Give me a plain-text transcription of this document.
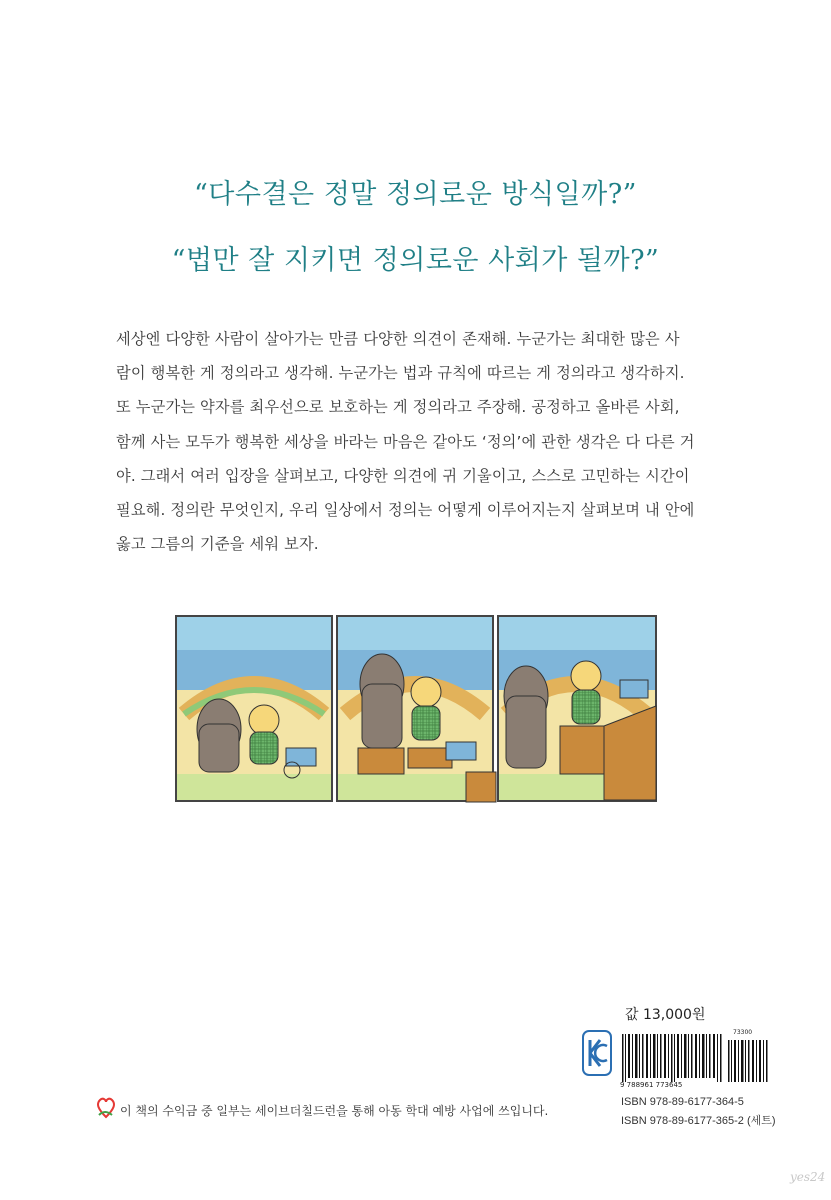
“다수결은 정말 정의로운 방식일까?”
“법만 잘 지키면 정의로운 사회가 될까?”
세상엔 다양한 사람이 살아가는 만큼 다양한 의견이 존재해. 누군가는 최대한 많은 사
람이 행복한 게 정의라고 생각해. 누군가는 법과 규칙에 따르는 게 정의라고 생각하지.
또 누군가는 약자를 최우선으로 보호하는 게 정의라고 주장해. 공정하고 올바른 사회,
함께 사는 모두가 행복한 세상을 바라는 마음은 같아도 ‘정의’에 관한 생각은 다 다른 거
야. 그래서 여러 입장을 살펴보고, 다양한 의견에 귀 기울이고, 스스로 고민하는 시간이
필요해. 정의란 무엇인지, 우리 일상에서 정의는 어떻게 이루어지는지 살펴보며 내 안에
옳고 그름의 기준을 세워 보자.
값 13,000원
73300
9 788961 773645
ISBN 978-89-6177-364-5
ISBN 978-89-6177-365-2 (세트)
이 책의 수익금 중 일부는 세이브더칠드런을 통해 아동 학대 예방 사업에 쓰입니다.
yes24
